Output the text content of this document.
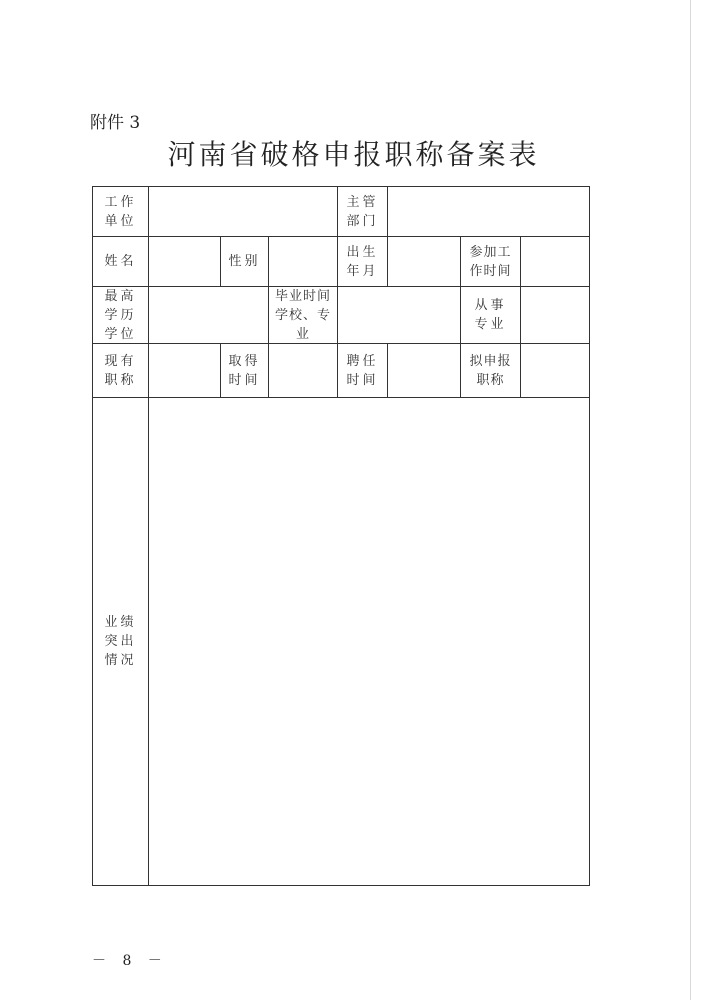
附件 3
河南省破格申报职称备案表
工作
单位
主管
部门
姓名	性别
出生
年月
参加工
作时间
最高
学历
学位
毕业时间
学校、专
业
从事
专业
现有
职称
取得
时间
聘任
时间
拟申报
职称
业绩
突出
情况
－ 8 －
